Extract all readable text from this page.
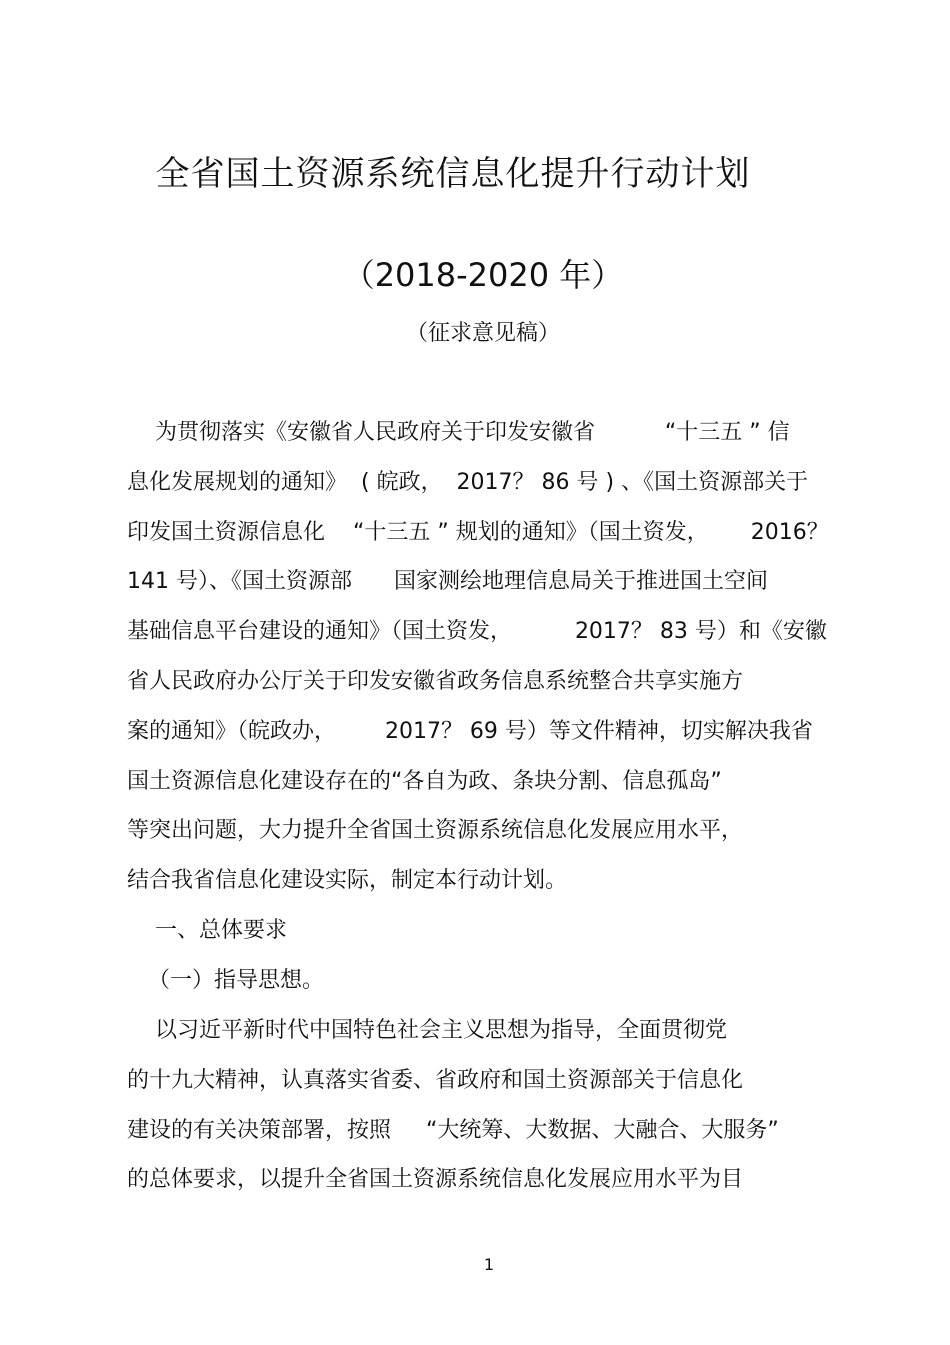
全省国土资源系统信息化提升行动计划
（2018-2020 年）
（征求意见稿）
为贯彻落实《安徽省人民政府关于印发安徽省          “十三五 ” 信
息化发展规划的通知》  ( 皖政，  2017？ 86 号 ) 、《国土资源部关于
印发国土资源信息化    “十三五 ” 规划的通知》（国土资发，      2016？
141 号）、《国土资源部      国家测绘地理信息局关于推进国土空间
基础信息平台建设的通知》（国土资发，         2017？ 83 号）和《安徽
省人民政府办公厅关于印发安徽省政务信息系统整合共享实施方
案的通知》（皖政办，       2017？ 69 号）等文件精神，切实解决我省
国土资源信息化建设存在的“各自为政、条块分割、信息孤岛”
等突出问题，大力提升全省国土资源系统信息化发展应用水平，
结合我省信息化建设实际，制定本行动计划。
一、总体要求
（一）指导思想。
以习近平新时代中国特色社会主义思想为指导，全面贯彻党
的十九大精神，认真落实省委、省政府和国土资源部关于信息化
建设的有关决策部署，按照     “大统筹、大数据、大融合、大服务”
的总体要求，以提升全省国土资源系统信息化发展应用水平为目
1
